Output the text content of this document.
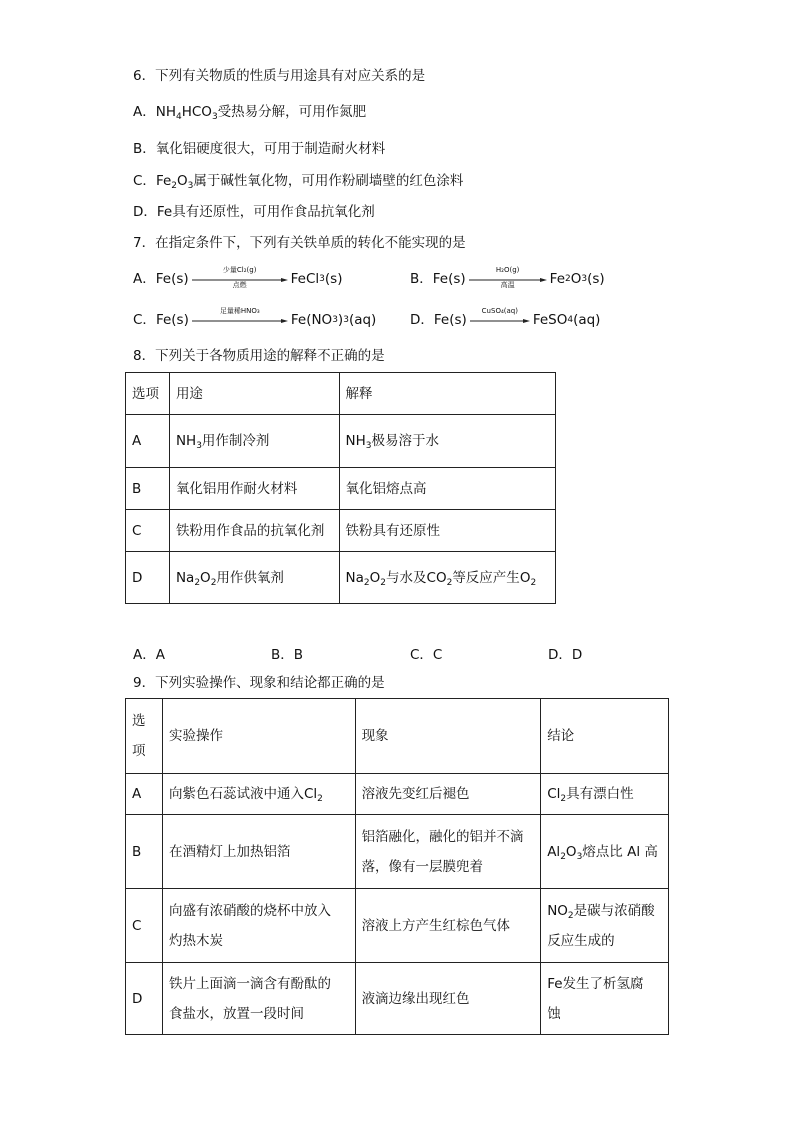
6．下列有关物质的性质与用途具有对应关系的是
A．$NH_4HCO_3$受热易分解，可用作氮肥
B．氧化铝硬度很大，可用于制造耐火材料
C．$Fe_2O_3$属于碱性氧化物，可用作粉刷墙壁的红色涂料
D．Fe具有还原性，可用作食品抗氧化剂
7．在指定条件下，下列有关铁单质的转化不能实现的是
A． Fe(s)
少量Cl₂(g)
点燃	FeCl 3 (s)	B． Fe(s)
H₂O(g)
高温	Fe 2 O 3 (s)
C． Fe(s)
足量稀HNO₃
Fe (NO 3 ) 3 (aq) D． Fe(s)
CuSO₄(aq)
FeSO 4 (aq)
8．下列关于各物质用途的解释不正确的是
选项	用途	解释
A	$NH_3$用作制冷剂	$NH_3$极易溶于水
B	氧化铝用作耐火材料	氧化铝熔点高
C	铁粉用作食品的抗氧化剂	铁粉具有还原性
D	$Na_2O_2$用作供氧剂	$Na_2O_2$与水及$CO_2$等反应产生$O_2$
A．A	B．B	C．C	D．D
9．下列实验操作、现象和结论都正确的是
选
项	实验操作	现象	结论
A	向紫色石蕊试液中通入$Cl_2$	溶液先变红后褪色	$Cl_2$具有漂白性
B	在酒精灯上加热铝箔	铝箔融化，融化的铝并不滴
落，像有一层膜兜着	$Al_2O_3$熔点比 Al 高
C	向盛有浓硝酸的烧杯中放入
灼热木炭	溶液上方产生红棕色气体	$NO_2$是碳与浓硝酸
反应生成的
D	铁片上面滴一滴含有酚酞的
食盐水，放置一段时间	液滴边缘出现红色	Fe发生了析氢腐
蚀
